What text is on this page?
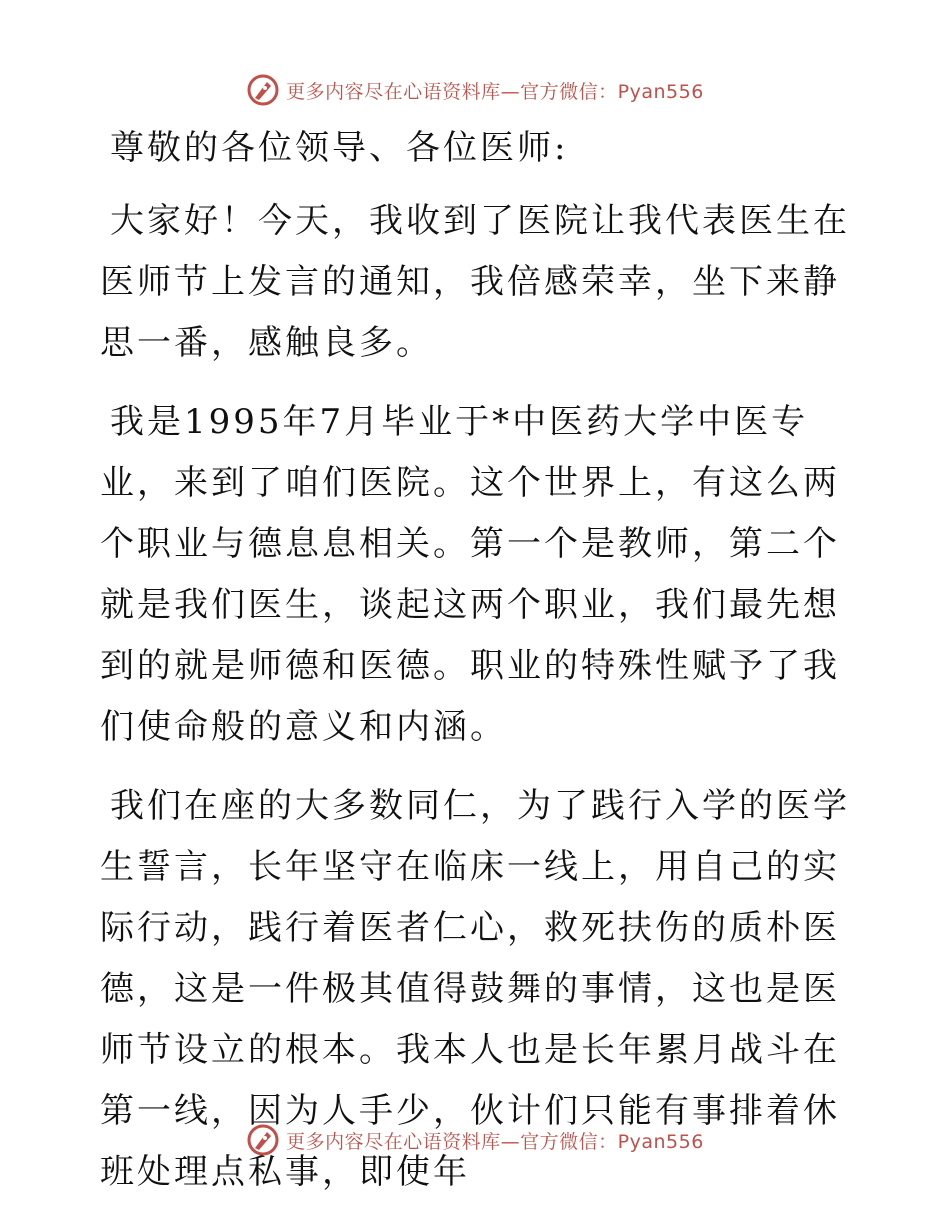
更多内容尽在心语资料库—官方微信：Pyan556

尊敬的各位领导、各位医师:

大家好！今天，我收到了医院让我代表医生在医师节上发言的通知，我倍感荣幸，坐下来静思一番，感触良多。

我是1995年7月毕业于*中医药大学中医专业，来到了咱们医院。这个世界上，有这么两个职业与德息息相关。第一个是教师，第二个就是我们医生，谈起这两个职业，我们最先想到的就是师德和医德。职业的特殊性赋予了我们使命般的意义和内涵。

我们在座的大多数同仁，为了践行入学的医学生誓言，长年坚守在临床一线上，用自己的实际行动，践行着医者仁心，救死扶伤的质朴医德，这是一件极其值得鼓舞的事情，这也是医师节设立的根本。我本人也是长年累月战斗在第一线，因为人手少，伙计们只能有事排着休班处理点私事，即使年

更多内容尽在心语资料库—官方微信：Pyan556
